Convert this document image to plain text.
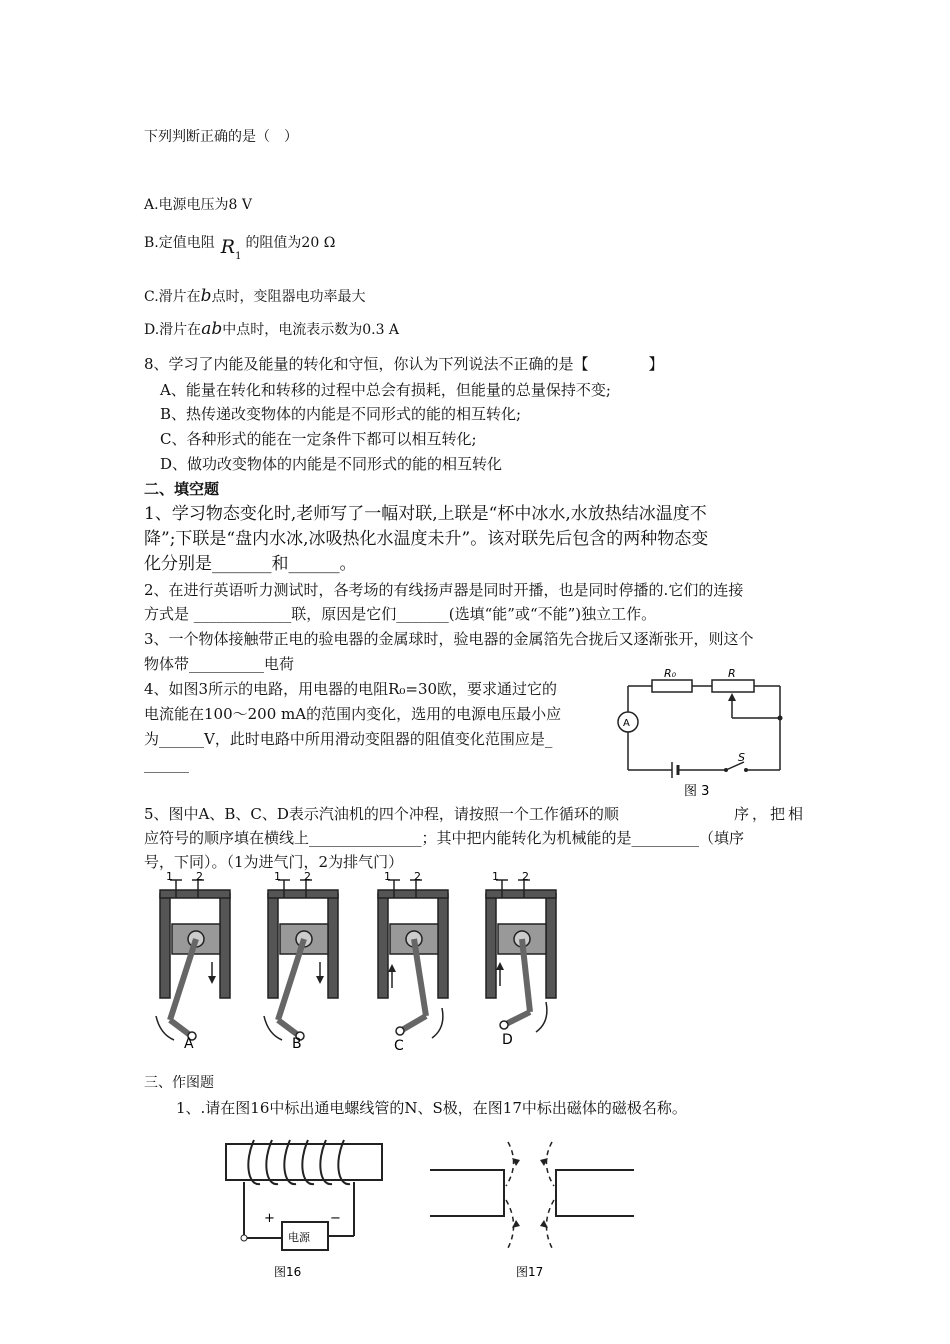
下列判断正确的是（　）
A.电源电压为8 V
B.定值电阻 $R_1$的阻值为20 Ω
C.滑片在b点时，变阻器电功率最大
D.滑片在ab中点时，电流表示数为0.3 A
8、学习了内能及能量的转化和守恒，你认为下列说法不正确的是【　　　　】
A、能量在转化和转移的过程中总会有损耗，但能量的总量保持不变;
B、热传递改变物体的内能是不同形式的能的相互转化;
C、各种形式的能在一定条件下都可以相互转化;
D、做功改变物体的内能是不同形式的能的相互转化
二、填空题
1、学习物态变化时,老师写了一幅对联,上联是“杯中冰水,水放热结冰温度不
降”;下联是“盘内水冰,冰吸热化水温度未升”。该对联先后包含的两种物态变
化分别是_______和______。
2、在进行英语听力测试时，各考场的有线扬声器是同时开播，也是同时停播的.它们的连接
方式是 _____________联，原因是它们_______(选填“能”或“不能”)独立工作。
3、一个物体接触带正电的验电器的金属球时，验电器的金属箔先合拢后又逐渐张开，则这个
物体带__________电荷
4、如图3所示的电路，用电器的电阻R₀=30欧，要求通过它的
电流能在100～200 mA的范围内变化，选用的电源电压最小应
为______V，此时电路中所用滑动变阻器的阻值变化范围应是_
______
R₀	R
A
S
图 3
5、图中A、B、C、D表示汽油机的四个冲程，请按照一个工作循环的顺	序，把相
应符号的顺序填在横线上_______________；其中把内能转化为机械能的是_________（填序
号，下同）。（1为进气门，2为排气门）
1 2
A
1 2
B
1 2
C
1 2
D
三、作图题
1、.请在图16中标出通电螺线管的N、S极，在图17中标出磁体的磁极名称。
+	−
电源
图16	图17
